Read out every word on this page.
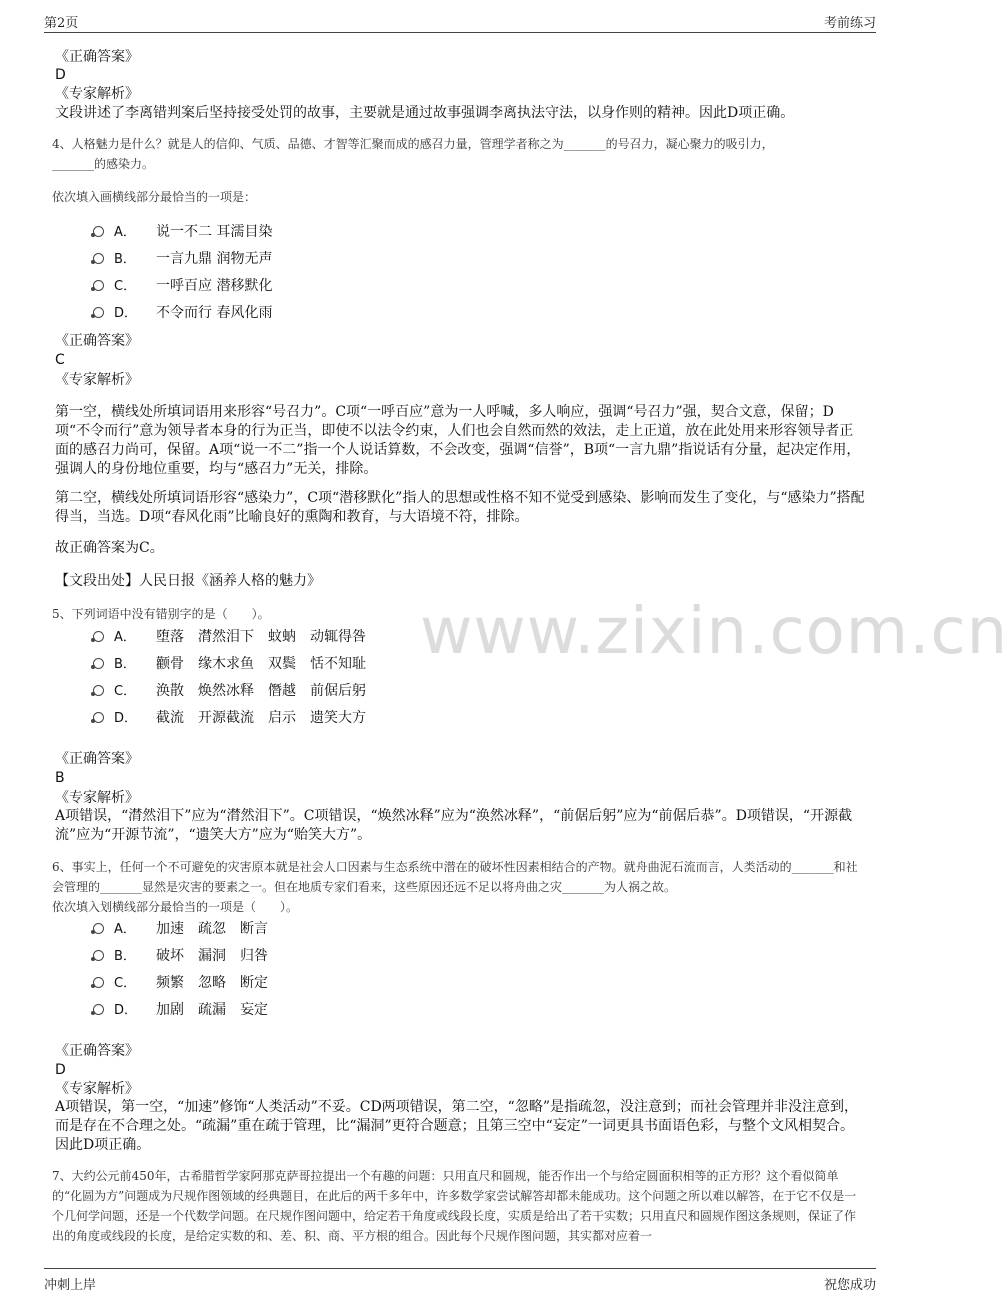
第2页	考前练习
www.zixin.com.cn
《正确答案》
D
《专家解析》
文段讲述了李离错判案后坚持接受处罚的故事，主要就是通过故事强调李离执法守法，以身作则的精神。因此D项正确。
4、人格魅力是什么？就是人的信仰、气质、品德、才智等汇聚而成的感召力量，管理学者称之为_______的号召力，凝心聚力的吸引力，_______的感染力。
依次填入画横线部分最恰当的一项是：
A． 说一不二 耳濡目染
B． 一言九鼎 润物无声
C． 一呼百应 潜移默化
D． 不令而行 春风化雨
《正确答案》
C
《专家解析》
第一空，横线处所填词语用来形容“号召力”。C项“一呼百应”意为一人呼喊，多人响应，强调“号召力”强，契合文意，保留；D项“不令而行”意为领导者本身的行为正当，即使不以法令约束，人们也会自然而然的效法，走上正道，放在此处用来形容领导者正面的感召力尚可，保留。A项“说一不二”指一个人说话算数，不会改变，强调“信誉”，B项“一言九鼎”指说话有分量，起决定作用，强调人的身份地位重要，均与“感召力”无关，排除。
第二空，横线处所填词语形容“感染力”，C项“潜移默化”指人的思想或性格不知不觉受到感染、影响而发生了变化，与“感染力”搭配得当，当选。D项“春风化雨”比喻良好的熏陶和教育，与大语境不符，排除。
故正确答案为C。
【文段出处】人民日报《涵养人格的魅力》
5、下列词语中没有错别字的是（　　）。
A． 堕落 潸然泪下 蚊蚋 动辄得咎
B． 颧骨 缘木求鱼 双鬓 恬不知耻
C． 涣散 焕然冰释 僭越 前倨后躬
D． 截流 开源截流 启示 遗笑大方
《正确答案》
B
《专家解析》
A项错误，“潸然泪下”应为“潸然泪下”。C项错误，“焕然冰释”应为“涣然冰释”，“前倨后躬”应为“前倨后恭”。D项错误，“开源截流”应为“开源节流”，“遗笑大方”应为“贻笑大方”。
6、事实上，任何一个不可避免的灾害原本就是社会人口因素与生态系统中潜在的破坏性因素相结合的产物。就舟曲泥石流而言，人类活动的_______和社会管理的_______显然是灾害的要素之一。但在地质专家们看来，这些原因还远不足以将舟曲之灾_______为人祸之故。
依次填入划横线部分最恰当的一项是（　　）。
A． 加速 疏忽 断言
B． 破坏 漏洞 归咎
C． 频繁 忽略 断定
D． 加剧 疏漏 妄定
《正确答案》
D
《专家解析》
A项错误，第一空，“加速”修饰“人类活动”不妥。CD两项错误，第二空，“忽略”是指疏忽，没注意到；而社会管理并非没注意到，而是存在不合理之处。“疏漏”重在疏于管理，比“漏洞”更符合题意；且第三空中“妄定”一词更具书面语色彩，与整个文风相契合。因此D项正确。
7、大约公元前450年，古希腊哲学家阿那克萨哥拉提出一个有趣的问题：只用直尺和圆规，能否作出一个与给定圆面积相等的正方形？这个看似简单的“化圆为方”问题成为尺规作图领域的经典题目，在此后的两千多年中，许多数学家尝试解答却都未能成功。这个问题之所以难以解答，在于它不仅是一个几何学问题，还是一个代数学问题。在尺规作图问题中，给定若干角度或线段长度，实质是给出了若干实数；只用直尺和圆规作图这条规则，保证了作出的角度或线段的长度，是给定实数的和、差、积、商、平方根的组合。因此每个尺规作图问题，其实都对应着一
冲刺上岸	祝您成功
